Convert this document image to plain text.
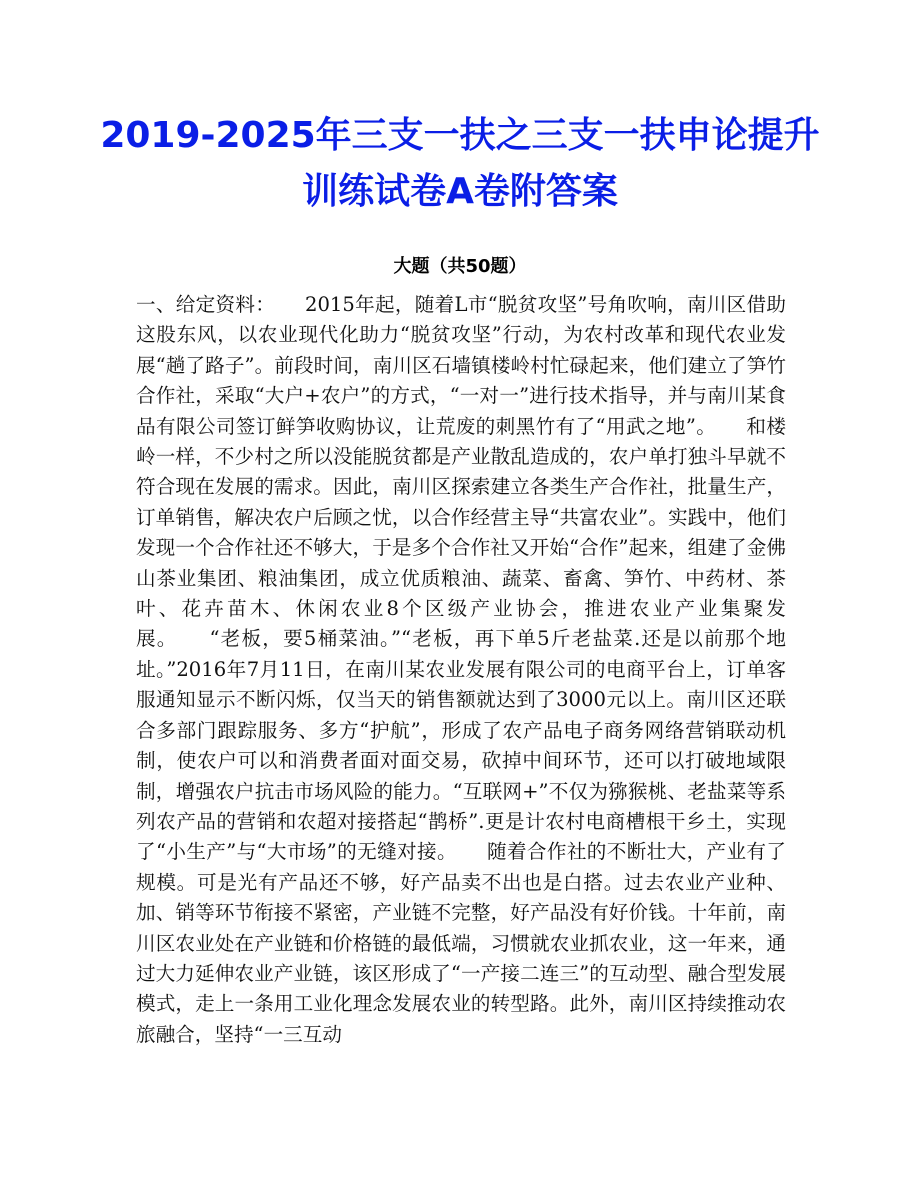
2019-2025年三支一扶之三支一扶申论提升训练试卷A卷附答案
大题（共50题）

一、给定资料：　　2015年起，随着L市“脱贫攻坚”号角吹响，南川区借助这股东风，以农业现代化助力“脱贫攻坚”行动，为农村改革和现代农业发展“趟了路子”。前段时间，南川区石墙镇楼岭村忙碌起来，他们建立了笋竹合作社，采取“大户+农户”的方式，“一对一”进行技术指导，并与南川某食品有限公司签订鲜笋收购协议，让荒废的刺黑竹有了“用武之地”。　　和楼岭一样，不少村之所以没能脱贫都是产业散乱造成的，农户单打独斗早就不符合现在发展的需求。因此，南川区探索建立各类生产合作社，批量生产，订单销售，解决农户后顾之忧，以合作经营主导“共富农业”。实践中，他们发现一个合作社还不够大，于是多个合作社又开始“合作”起来，组建了金佛山茶业集团、粮油集团，成立优质粮油、蔬菜、畜禽、笋竹、中药材、茶叶、花卉苗木、休闲农业8个区级产业协会，推进农业产业集聚发展。　　“老板，要5桶菜油。”“老板，再下单5斤老盐菜.还是以前那个地址。”2016年7月11日，在南川某农业发展有限公司的电商平台上，订单客服通知显示不断闪烁，仅当天的销售额就达到了3000元以上。南川区还联合多部门跟踪服务、多方“护航”，形成了农产品电子商务网络营销联动机制，使农户可以和消费者面对面交易，砍掉中间环节，还可以打破地域限制，增强农户抗击市场风险的能力。“互联网+”不仅为猕猴桃、老盐菜等系列农产品的营销和农超对接搭起“鹊桥”.更是计农村电商槽根干乡土，实现了“小生产”与“大市场”的无缝对接。　　随着合作社的不断壮大，产业有了规模。可是光有产品还不够，好产品卖不出也是白搭。过去农业产业种、加、销等环节衔接不紧密，产业链不完整，好产品没有好价钱。十年前，南川区农业处在产业链和价格链的最低端，习惯就农业抓农业，这一年来，通过大力延伸农业产业链，该区形成了“一产接二连三”的互动型、融合型发展模式，走上一条用工业化理念发展农业的转型路。此外，南川区持续推动农旅融合，坚持“一三互动
